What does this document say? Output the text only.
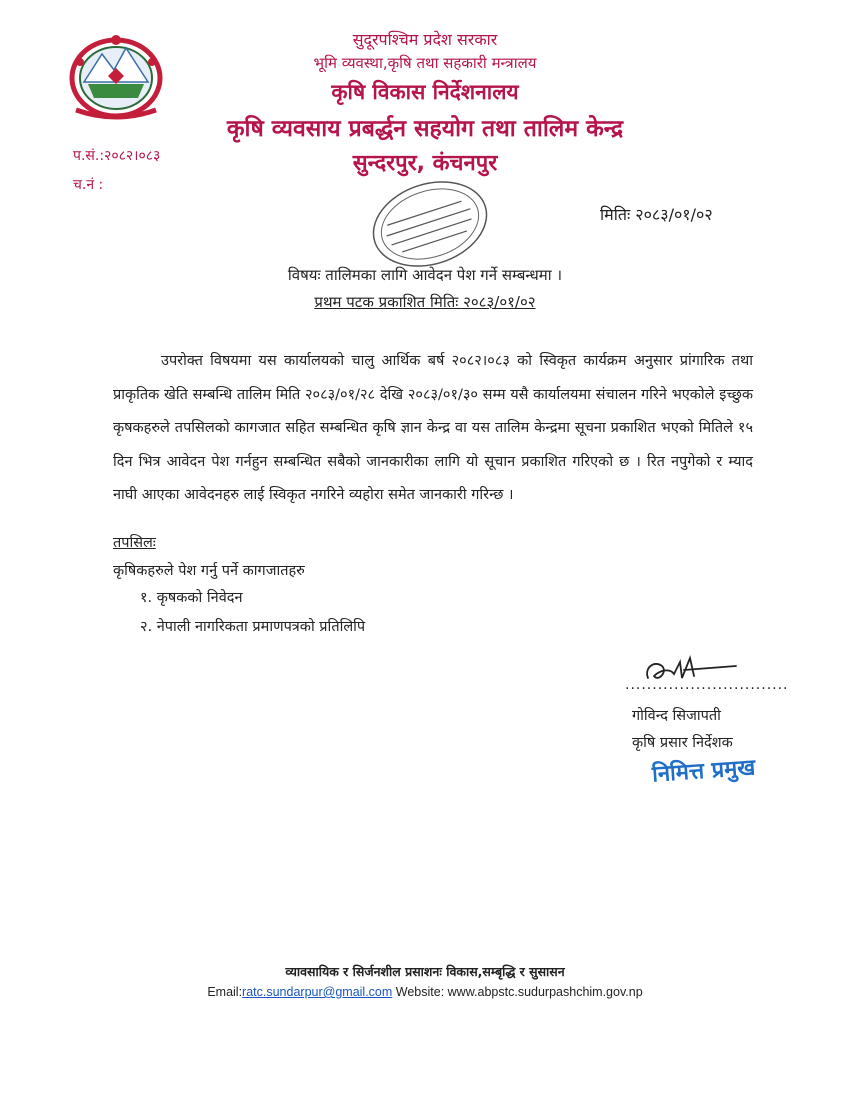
सुदूरपश्चिम प्रदेश सरकार
भूमि व्यवस्था,कृषि तथा सहकारी मन्त्रालय
कृषि विकास निर्देशनालय
कृषि व्यवसाय प्रबर्द्धन सहयोग तथा तालिम केन्द्र
सुन्दरपुर, कंचनपुर
प.सं.:२०८२।०८३
च.नं :
मितिः २०८३/०१/०२
विषयः तालिमका लागि आवेदन पेश गर्ने सम्बन्धमा ।
प्रथम पटक प्रकाशित मितिः २०८३/०१/०२
उपरोक्त विषयमा यस कार्यालयको चालु आर्थिक बर्ष २०८२।०८३ को स्विकृत कार्यक्रम अनुसार प्रांगारिक तथा प्राकृतिक खेति सम्बन्धि तालिम मिति २०८३/०१/२८ देखि २०८३/०१/३० सम्म यसै कार्यालयमा संचालन गरिने भएकोले इच्छुक कृषकहरुले तपसिलको कागजात सहित सम्बन्धित कृषि ज्ञान केन्द्र वा यस तालिम केन्द्रमा सूचना प्रकाशित भएको मितिले १५ दिन भित्र आवेदन पेश गर्नहुन सम्बन्धित सबैको जानकारीका लागि यो सूचान प्रकाशित गरिएको छ । रित नपुगेको र म्याद नाघी आएका आवेदनहरु लाई स्विकृत नगरिने व्यहोरा समेत जानकारी गरिन्छ ।
तपसिलः
कृषिकहरुले पेश गर्नु पर्ने कागजातहरु
१. कृषकको निवेदन
२. नेपाली नागरिकता प्रमाणपत्रको प्रतिलिपि
..............................
गोविन्द सिजापती
कृषि प्रसार निर्देशक
निमित्त प्रमुख
व्यावसायिक र सिर्जनशील प्रसाशनः विकास,सम्बृद्धि र सुसासन
Email:ratc.sundarpur@gmail.com Website: www.abpstc.sudurpashchim.gov.np
